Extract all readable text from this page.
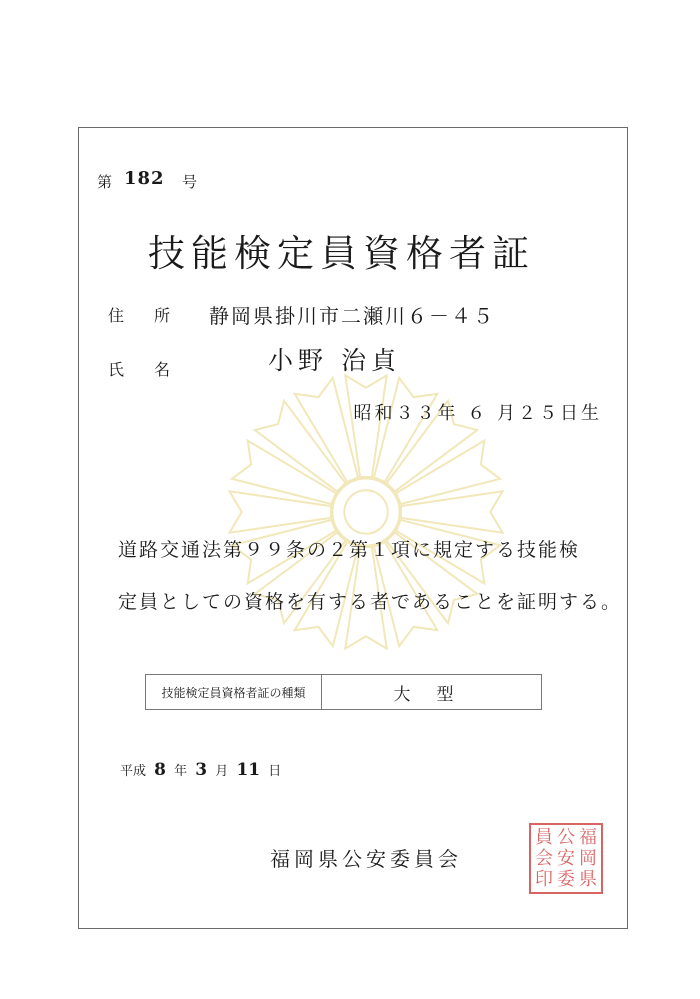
第 182 号
技能検定員資格者証
住所 静岡県掛川市二瀬川６－４５
氏名	小野 治貞
昭和３３年 ６ 月２５日生
道路交通法第９９条の２第１項に規定する技能検
定員としての資格を有する者であることを証明する。
技能検定員資格者証の種類	大型
平成 8 年 3 月 11 日
福岡県公安委員会
員 公 福
会 安 岡
印 委 県
